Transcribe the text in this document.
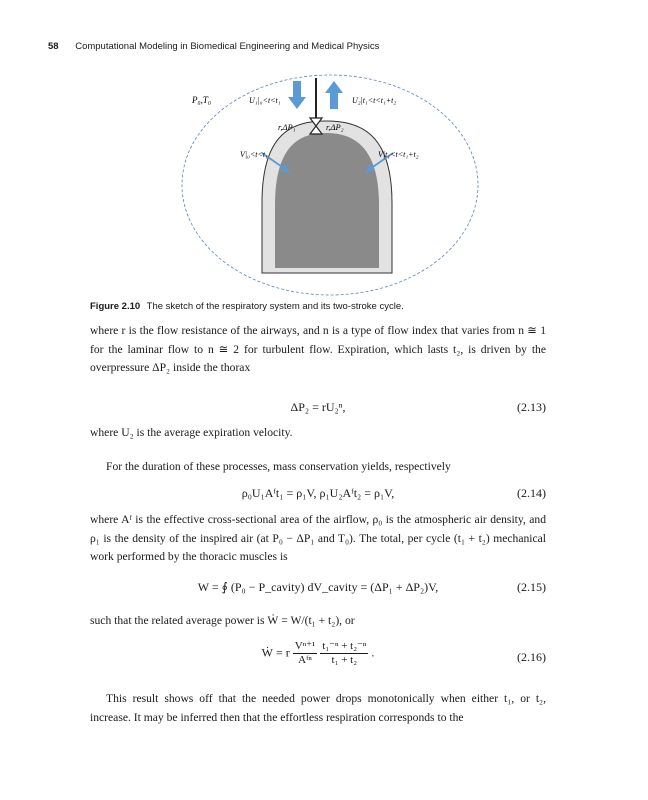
58 Computational Modeling in Biomedical Engineering and Medical Physics
P₀,T₀	U₁|₀<t<t₁	U₂|t₁<t<t₁+t₂
r,ΔP₁	r,ΔP₂
V|₀<t<t₁	V|t₁<t<t₁+t₂
Figure 2.10 The sketch of the respiratory system and its two-stroke cycle.

where r is the flow resistance of the airways, and n is a type of flow index that varies from n ≅ 1 for the laminar flow to n ≅ 2 for turbulent flow. Expiration, which lasts t₂, is driven by the overpressure ΔP₂ inside the thorax

ΔP₂ = rU₂ⁿ,	(2.13)

where U₂ is the average expiration velocity.

For the duration of these processes, mass conservation yields, respectively

ρ₀U₁Aᶠt₁ = ρ₁V, ρ₁U₂Aᶠt₂ = ρ₁V,	(2.14)

where Aᶠ is the effective cross-sectional area of the airflow, ρ₀ is the atmospheric air density, and ρ₁ is the density of the inspired air (at P₀ − ΔP₁ and T₀). The total, per cycle (t₁ + t₂) mechanical work performed by the thoracic muscles is

W = ∮ (P₀ − P_cavity) dV_cavity = (ΔP₁ + ΔP₂)V,	(2.15)

such that the related average power is Ẇ = W/(t₁ + t₂), or

Ẇ = r $\frac{\text{Vⁿ⁺¹}}{\text{Aᶠⁿ}}$
$\frac{\text{t₁⁻ⁿ + t₂⁻ⁿ}}{\text{t₁ + t₂}}$ .	(2.16)

This result shows off that the needed power drops monotonically when either t₁, or t₂, increase. It may be inferred then that the effortless respiration corresponds to the
